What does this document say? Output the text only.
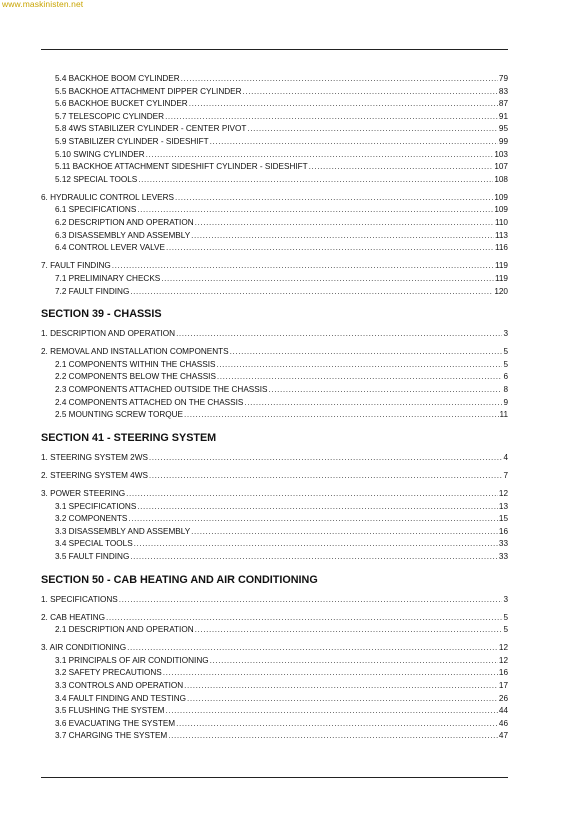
www.maskinisten.net
5.4 BACKHOE BOOM CYLINDER .....	79
5.5 BACKHOE ATTACHMENT DIPPER CYLINDER .....	83
5.6 BACKHOE BUCKET CYLINDER .....	87
5.7 TELESCOPIC CYLINDER .....	91
5.8 4WS STABILIZER CYLINDER - CENTER PIVOT .....	95
5.9 STABILIZER CYLINDER - SIDESHIFT .....	99
5.10 SWING CYLINDER .....	103
5.11 BACKHOE ATTACHMENT SIDESHIFT CYLINDER - SIDESHIFT .....	107
5.12 SPECIAL TOOLS .....	108
6. HYDRAULIC CONTROL LEVERS .....	109
6.1 SPECIFICATIONS .....	109
6.2 DESCRIPTION AND OPERATION .....	110
6.3 DISASSEMBLY AND ASSEMBLY .....	113
6.4 CONTROL LEVER VALVE .....	116
7. FAULT FINDING .....	119
7.1 PRELIMINARY CHECKS .....	119
7.2 FAULT FINDING .....	120
SECTION 39 - CHASSIS
1. DESCRIPTION AND OPERATION .....	3
2. REMOVAL AND INSTALLATION COMPONENTS .....	5
2.1 COMPONENTS WITHIN THE CHASSIS .....	5
2.2 COMPONENTS BELOW THE CHASSIS .....	6
2.3 COMPONENTS ATTACHED OUTSIDE THE CHASSIS .....	8
2.4 COMPONENTS ATTACHED ON THE CHASSIS .....	9
2.5 MOUNTING SCREW TORQUE .....	11
SECTION 41 - STEERING SYSTEM
1. STEERING SYSTEM 2WS .....	4
2. STEERING SYSTEM 4WS .....	7
3. POWER STEERING .....	12
3.1 SPECIFICATIONS .....	13
3.2 COMPONENTS .....	15
3.3 DISASSEMBLY AND ASSEMBLY .....	16
3.4 SPECIAL TOOLS .....	33
3.5 FAULT FINDING .....	33
SECTION 50 - CAB HEATING AND AIR CONDITIONING
1. SPECIFICATIONS .....	3
2. CAB HEATING .....	5
2.1 DESCRIPTION AND OPERATION .....	5
3. AIR CONDITIONING .....	12
3.1 PRINCIPALS OF AIR CONDITIONING .....	12
3.2 SAFETY PRECAUTIONS .....	16
3.3 CONTROLS AND OPERATION .....	17
3.4 FAULT FINDING AND TESTING .....	26
3.5 FLUSHING THE SYSTEM .....	44
3.6 EVACUATING THE SYSTEM .....	46
3.7 CHARGING THE SYSTEM .....	47
